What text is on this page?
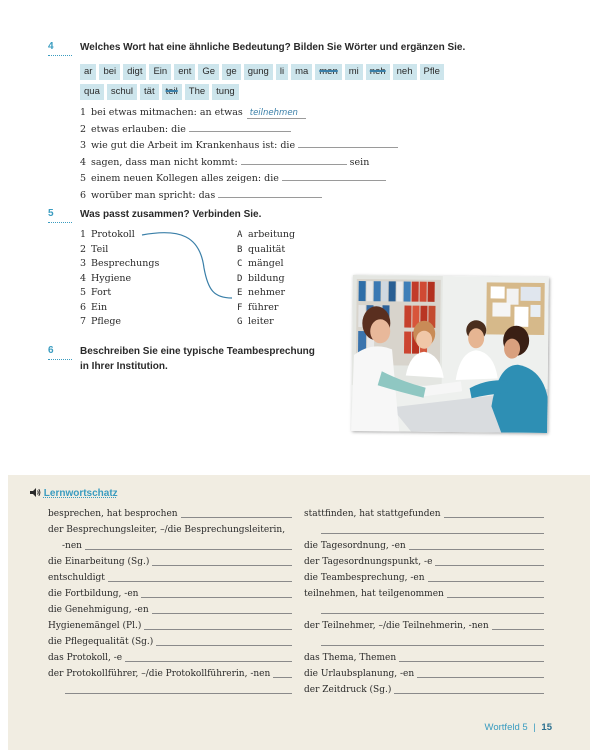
4	Welches Wort hat eine ähnliche Bedeutung? Bilden Sie Wörter und ergänzen Sie.
ar	bei	digt	Ein	ent	Ge	ge	gung	li	ma	men	mi	neh	neh	Pfle
qua	schul	tät	teil	The	tung
1 bei etwas mitmachen: an etwas teilnehmen
2 etwas erlauben: die
3 wie gut die Arbeit im Krankenhaus ist: die
4 sagen, dass man nicht kommt:	sein
5 einem neuen Kollegen alles zeigen: die
6 worüber man spricht: das
5	Was passt zusammen? Verbinden Sie.
1 Protokoll
2 Teil
3 Besprechungs
4 Hygiene
5 Fort
6 Ein
7 Pflege
A arbeitung
B qualität
C mängel
D bildung
E nehmer
F führer
G leiter
6	Beschreiben Sie eine typische Teambesprechung
in Ihrer Institution.
Lernwortschatz
besprechen, hat besprochen
der Besprechungsleiter, –/die Besprechungsleiterin,
-nen
die Einarbeitung (Sg.)
entschuldigt
die Fortbildung, -en
die Genehmigung, -en
Hygienemängel (Pl.)
die Pflegequalität (Sg.)
das Protokoll, -e
der Protokollführer, –/die Protokollführerin, -nen
stattfinden, hat stattgefunden
die Tagesordnung, -en
der Tagesordnungspunkt, -e
die Teambesprechung, -en
teilnehmen, hat teilgenommen
der Teilnehmer, –/die Teilnehmerin, -nen
das Thema, Themen
die Urlaubsplanung, -en
der Zeitdruck (Sg.)
Wortfeld 5 | 15
